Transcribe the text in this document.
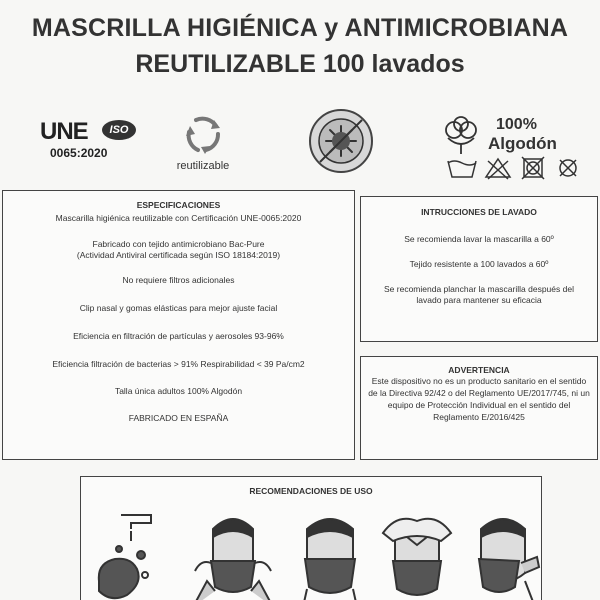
MASCRILLA HIGIÉNICA y ANTIMICROBIANA
REUTILIZABLE 100 lavados
UNE	ISO
0065:2020
reutilizable
100%
Algodón
ESPECIFICACIONES

Mascarilla higiénica reutilizable con Certificación UNE-0065:2020

Fabricado con tejido antimicrobiano Bac-Pure

(Actividad Antiviral certificada según ISO 18184:2019)

No requiere filtros adicionales

Clip nasal y gomas elásticas para mejor ajuste facial

Eficiencia en filtración de partículas y aerosoles 93-96%

Eficiencia filtración de bacterias > 91% Respirabilidad < 39 Pa/cm2

Talla única adultos 100% Algodón

FABRICADO EN ESPAÑA

INTRUCCIONES DE LAVADO

Se recomienda lavar la mascarilla a 60º

Tejido resistente a 100 lavados a 60º

Se recomienda planchar la mascarilla después del lavado para mantener su eficacia

ADVERTENCIA

Este dispositivo no es un producto sanitario en el sentido de la Directiva 92/42 o del Reglamento UE/2017/745, ni un equipo de Protección Individual en el sentido del Reglamento E/2016/425

RECOMENDACIONES DE USO
